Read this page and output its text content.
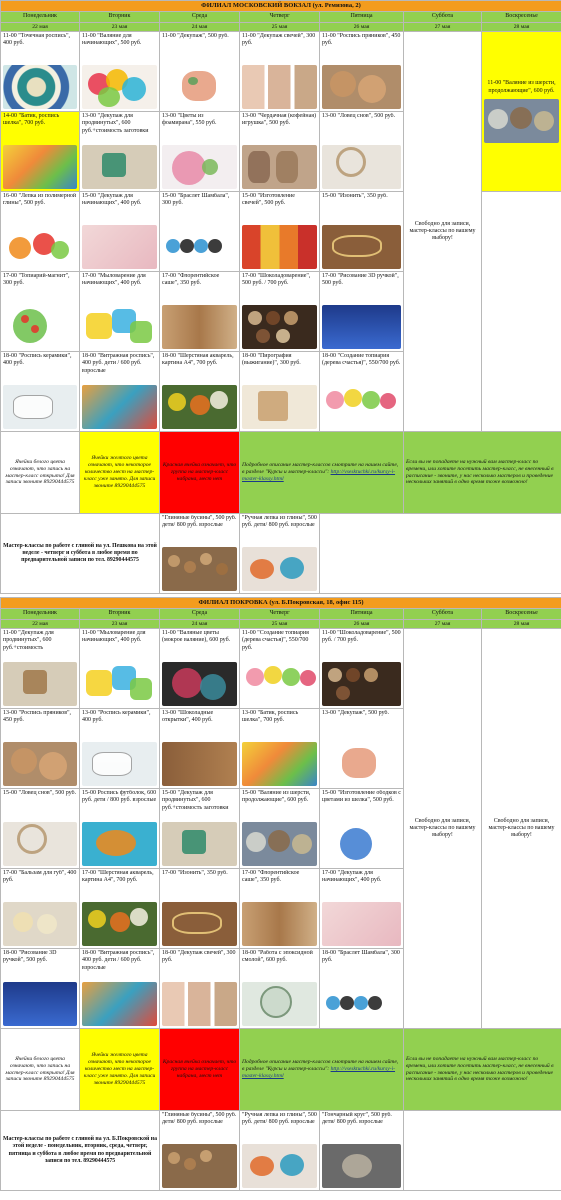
ФИЛИАЛ МОСКОВСКИЙ ВОКЗАЛ (ул. Ремизова, 2)						
Понедельник	Вторник	Среда	Четверг	Пятница	Суббота	Воскресенье
22 мая	23 мая	24 мая	25 мая	26 мая	27 мая	28 мая

11-00 "Точечная роспись", 400 руб.	11-00 "Валяние для начинающих", 500 руб.	11-00 "Декупаж", 500 руб.	11-00 "Декупаж свечей", 300 руб.	11-00 "Роспись пряников", 450 руб.	Свободно для записи, мастер-классы по вашему выбору!	11-00 "Валяние из шерсти, продолжающие", 600 руб.

14-00 "Батик, роспись шелка", 700 руб.	13-00 "Декупаж для продвинутых", 600 руб.+стоимость заготовки	13-00 "Цветы из фоамирана", 550 руб.	13-00 "Чердачная (кофейная) игрушка", 500 руб.	13-00 "Ловец снов", 500 руб.		

16-00 "Лепка из полимерной глины", 500 руб.	15-00 "Декупаж для начинающих", 400 руб.	15-00 "Браслет Шамбала", 300 руб.	15-00 "Изготовление свечей", 500 руб.	15-00 "Изонить", 350 руб.		

17-00 "Топиарий-магнит", 300 руб.	17-00 "Мыловарение для начинающих", 400 руб.	17-00 "Флорентийское саше", 350 руб.	17-00 "Шоколадоварение", 500 руб. / 700 руб.	17-00 "Рисование 3D ручкой", 500 руб.		

18-00 "Роспись керамики", 400 руб.	18-00 "Витражная роспись", 400 руб. дети / 600 руб. взрослые	18-00 "Шерстяная акварель, картина А4", 700 руб.	18-00 "Пирография (выжигание)", 300 руб.	18-00 "Создание топиария (дерева счастья)", 550/700 руб.		

Ячейки белого цвета означают, что запись на мастер-класс открыта! Для записи звоните 89290444575	Ячейки желтого цвета означают, что некоторое количество мест на мастер-класс уже занято. Для записи звоните 89290444575	Красная ячейка означает, что группа на мастер-класс набрана, мест нет	Подробное описание мастер-классов смотрите на нашем сайте, в разделе "Курсы и мастер-классы": http://vsesktuchki.ru/kursy-i-master-klassy.html		Если вы не попадаете на нужный вам мастер-класс по времени, или хотите посетить мастер-класс, не внесенный в расписание - звоните, у нас несколько мастеров и проведение нескольких занятий в одно время тоже возможно!	
Мастер-классы по работе с глиной на ул. Пешкова на этой неделе - четверг и суббота в любое время по предварительной записи по тел. 89290444575		"Глиняные бусины", 500 руб. дети/ 800 руб. взрослые	"Ручная лепка из глины", 500 руб. дети/ 800 руб. взрослые			

ФИЛИАЛ ПОКРОВКА (ул. Б.Покровская, 18, офис 115)						
Понедельник	Вторник	Среда	Четверг	Пятница	Суббота	Воскресенье
22 мая	23 мая	24 мая	25 мая	26 мая	27 мая	28 мая

11-00 "Декупаж для продвинутых", 600 руб.+стоимость	11-00 "Мыловарение для начинающих", 400 руб.	11-00 "Валяные цветы (мокрое валяние), 600 руб.	11-00 "Создание топиария (дерева счастья)", 550/700 руб.	11-00 "Шоколадоварение", 500 руб. / 700 руб.	Свободно для записи, мастер-классы по вашему выбору!	Свободно для записи, мастер-классы по вашему выбору!

13-00 "Роспись пряников", 450 руб.	13-00 "Роспись керамики", 400 руб.	13-00 "Шоколадные открытки", 400 руб.	13-00 "Батик, роспись шелка", 700 руб.	13-00 "Декупаж", 500 руб.		

15-00 "Ловец снов", 500 руб.	15-00 Роспись футболок, 600 руб. дети / 800 руб. взрослые	15-00 "Декупаж для продвинутых", 600 руб.+стоимость заготовки	15-00 "Валяние из шерсти, продолжающие", 600 руб.	15-00 "Изготовление ободков с цветами из шелка", 500 руб.		

17-00 "Бальзам для губ", 400 руб.	17-00 "Шерстяная акварель, картина А4", 700 руб.	17-00 "Изонить", 350 руб.	17-00 "Флорентийское саше", 350 руб.	17-00 "Декупаж для начинающих", 400 руб.		

18-00 "Рисование 3D ручкой", 500 руб.	18-00 "Витражная роспись", 400 руб. дети / 600 руб. взрослые	18-00 "Декупаж свечей", 300 руб.	18-00 "Работа с эпоксидной смолой", 600 руб.	18-00 "Браслет Шамбала", 300 руб.		

Ячейки белого цвета означают, что запись на мастер-класс открыта! Для записи звоните 89290444575	Ячейки желтого цвета означают, что некоторое количество мест на мастер-класс уже занято. Для записи звоните 89290444575	Красная ячейка означает, что группа на мастер-класс набрана, мест нет	Подробное описание мастер-классов смотрите на нашем сайте, в разделе "Курсы и мастер-классы": http://vsesktuchki.ru/kursy-i-master-klassy.html		Если вы не попадаете на нужный вам мастер-класс по времени, или хотите посетить мастер-класс, не внесенный в расписание - звоните, у нас несколько мастеров и проведение нескольких занятий в одно время тоже возможно!	
Мастер-классы по работе с глиной на ул. Б.Покровской на этой неделе - понедельник, вторник, среда, четверг, пятница и суббота в любое время по предварительной записи по тел. 89290444575		"Глиняные бусины", 500 руб. дети/ 800 руб. взрослые	"Ручная лепка из глины", 500 руб. дети/ 800 руб. взрослые	"Гончарный круг", 500 руб. дети/ 800 руб. взрослые		
